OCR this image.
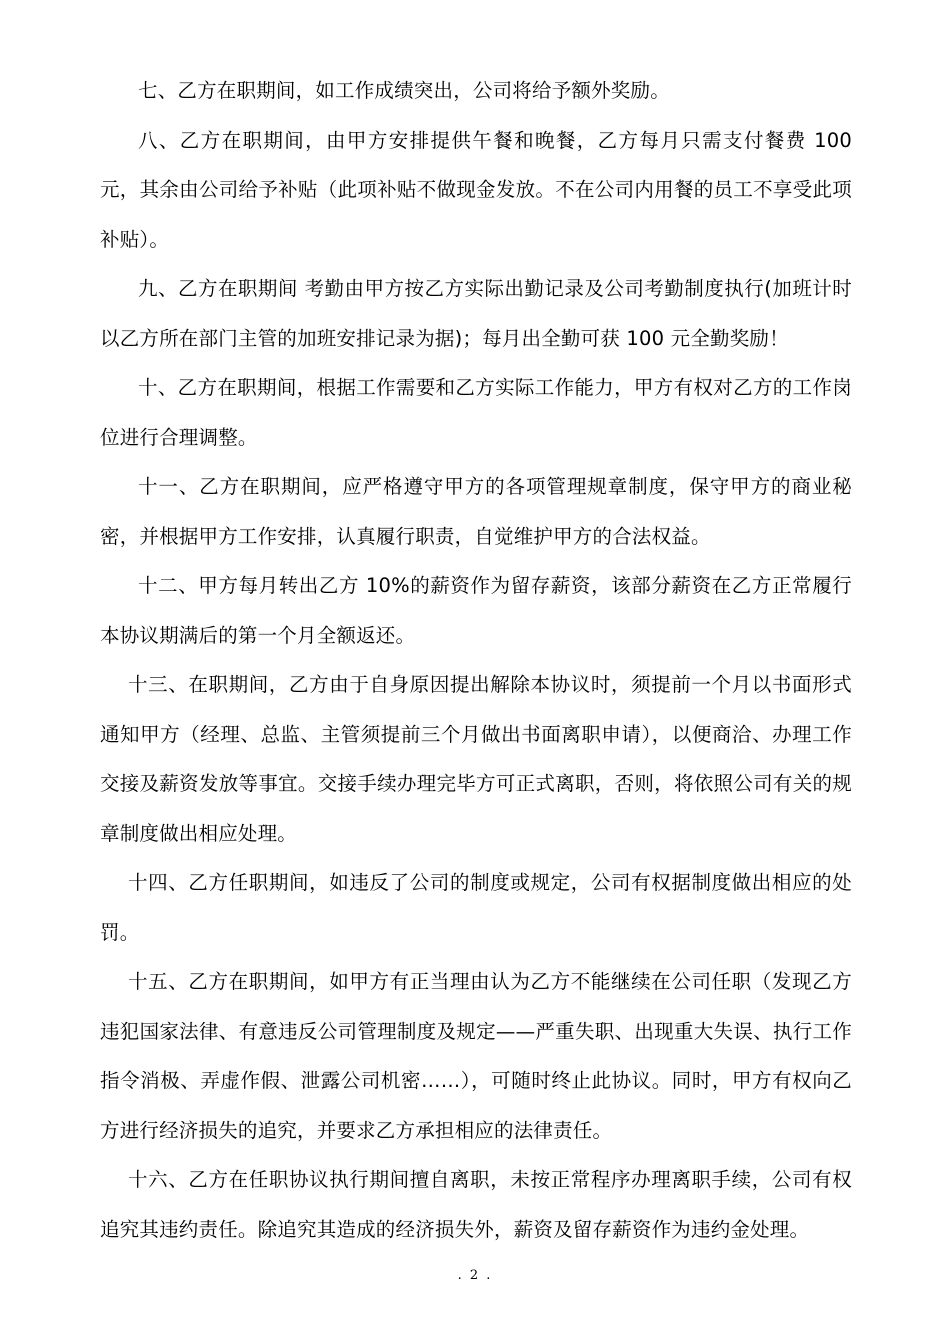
七、乙方在职期间，如工作成绩突出，公司将给予额外奖励。

八、乙方在职期间，由甲方安排提供午餐和晚餐，乙方每月只需支付餐费 100 元，其余由公司给予补贴（此项补贴不做现金发放。不在公司内用餐的员工不享受此项补贴）。

九、乙方在职期间 考勤由甲方按乙方实际出勤记录及公司考勤制度执行(加班计时以乙方所在部门主管的加班安排记录为据)；每月出全勤可获 100 元全勤奖励！

十、乙方在职期间，根据工作需要和乙方实际工作能力，甲方有权对乙方的工作岗位进行合理调整。

十一、乙方在职期间，应严格遵守甲方的各项管理规章制度，保守甲方的商业秘密，并根据甲方工作安排，认真履行职责，自觉维护甲方的合法权益。

十二、甲方每月转出乙方 10%的薪资作为留存薪资，该部分薪资在乙方正常履行本协议期满后的第一个月全额返还。

十三、在职期间，乙方由于自身原因提出解除本协议时，须提前一个月以书面形式通知甲方（经理、总监、主管须提前三个月做出书面离职申请），以便商洽、办理工作交接及薪资发放等事宜。交接手续办理完毕方可正式离职，否则，将依照公司有关的规章制度做出相应处理。

十四、乙方任职期间，如违反了公司的制度或规定，公司有权据制度做出相应的处罚。

十五、乙方在职期间，如甲方有正当理由认为乙方不能继续在公司任职（发现乙方违犯国家法律、有意违反公司管理制度及规定——严重失职、出现重大失误、执行工作指令消极、弄虚作假、泄露公司机密……），可随时终止此协议。同时，甲方有权向乙方进行经济损失的追究，并要求乙方承担相应的法律责任。

十六、乙方在任职协议执行期间擅自离职，未按正常程序办理离职手续，公司有权追究其违约责任。除追究其造成的经济损失外，薪资及留存薪资作为违约金处理。

. 2 .
